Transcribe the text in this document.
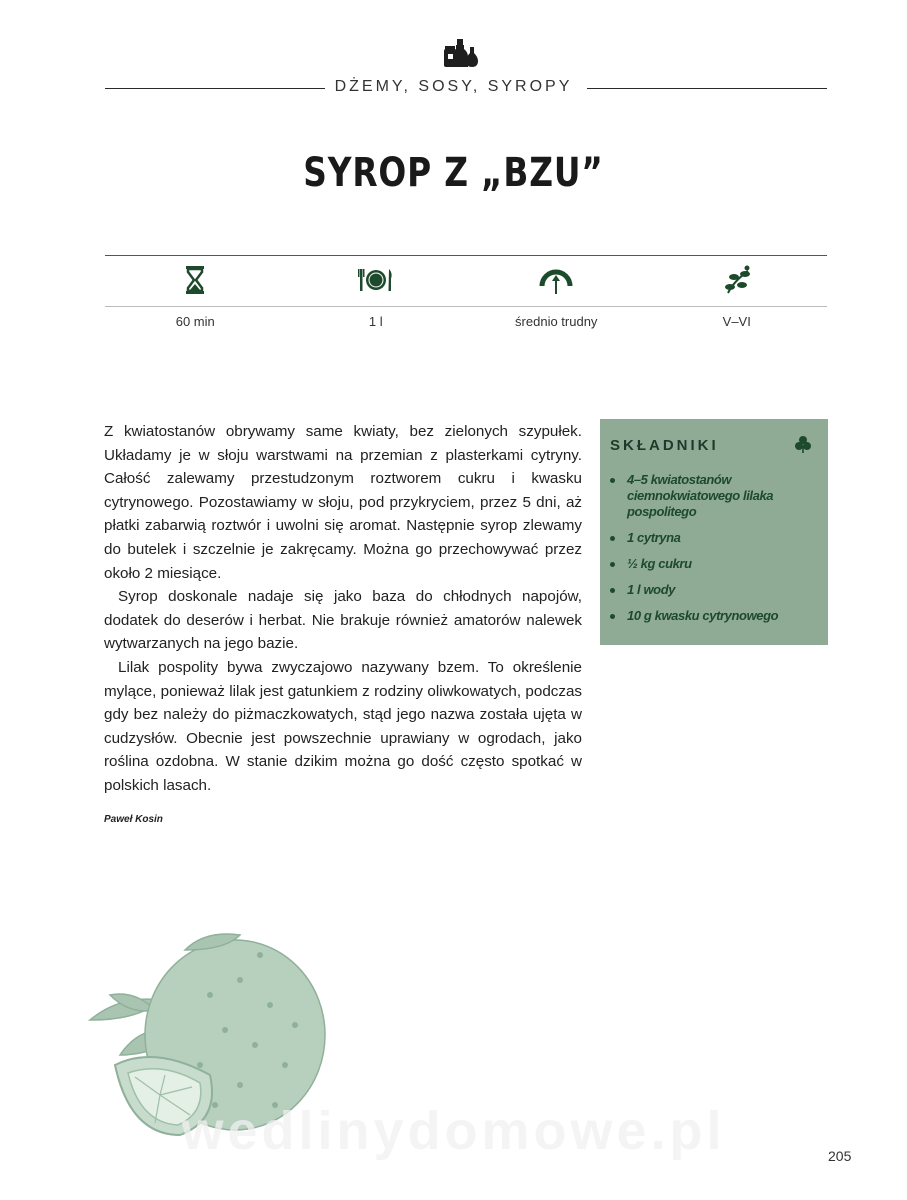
DŻEMY, SOSY, SYROPY
SYROP Z „BZU”
60 min	1 l	średnio trudny	V–VI

Z kwiatostanów obrywamy same kwiaty, bez zielonych szypułek. Układamy je w słoju warstwami na przemian z plasterkami cytryny. Całość zalewamy przestudzonym roztworem cukru i kwasku cytrynowego. Pozostawiamy w słoju, pod przykryciem, przez 5 dni, aż płatki zabarwią roztwór i uwolni się aromat. Następnie syrop zlewamy do butelek i szczelnie je zakręcamy. Można go przechowywać przez około 2 miesiące.

Syrop doskonale nadaje się jako baza do chłodnych napojów, dodatek do deserów i herbat. Nie brakuje również amatorów nalewek wytwarzanych na jego bazie.

Lilak pospolity bywa zwyczajowo nazywany bzem. To określenie mylące, ponieważ lilak jest gatunkiem z rodziny oliwkowatych, podczas gdy bez należy do piżmaczkowatych, stąd jego nazwa została ujęta w cudzysłów. Obecnie jest powszechnie uprawiany w ogrodach, jako roślina ozdobna. W stanie dzikim można go dość często spotkać w polskich lasach.

Paweł Kosin
SKŁADNIKI
4–5 kwiatostanów ciemnokwiatowego lilaka pospolitego
1 cytryna
½ kg cukru
1 l wody
10 g kwasku cytrynowego
wedlinydomowe.pl	205
